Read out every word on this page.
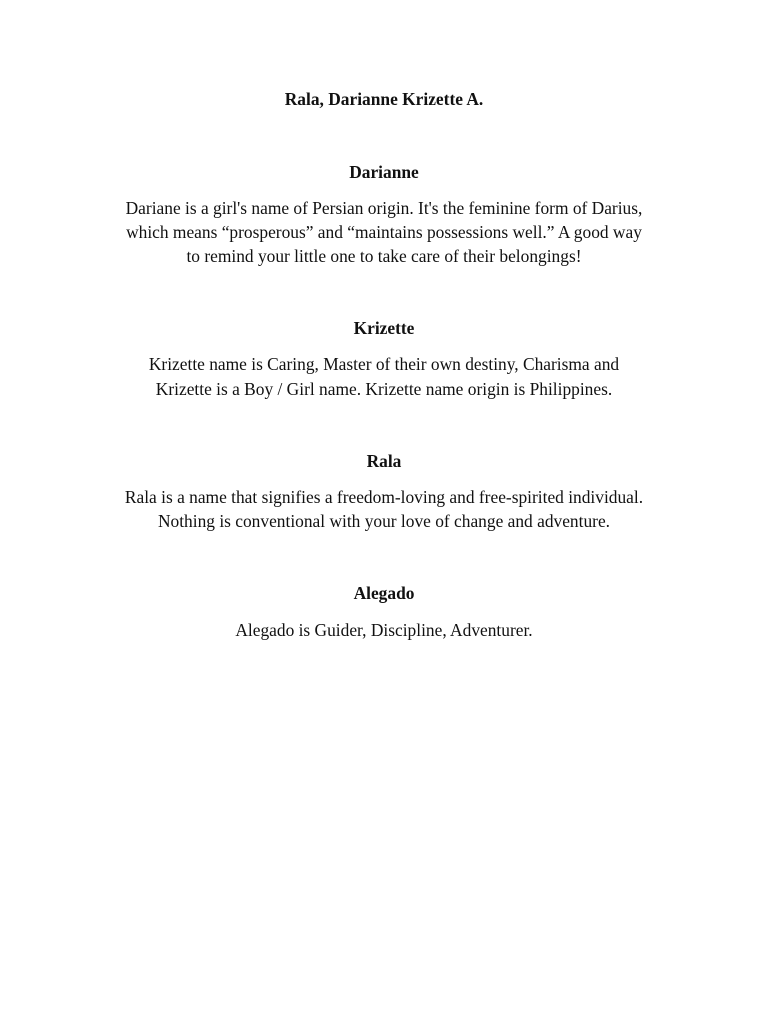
Rala, Darianne Krizette A.
Darianne
Dariane is a girl's name of Persian origin. It's the feminine form of Darius,
which means “prosperous” and “maintains possessions well.” A good way
to remind your little one to take care of their belongings!
Krizette
Krizette name is Caring, Master of their own destiny, Charisma and
Krizette is a Boy / Girl name. Krizette name origin is Philippines.
Rala
Rala is a name that signifies a freedom-loving and free-spirited individual.
Nothing is conventional with your love of change and adventure.
Alegado
Alegado is Guider, Discipline, Adventurer.
